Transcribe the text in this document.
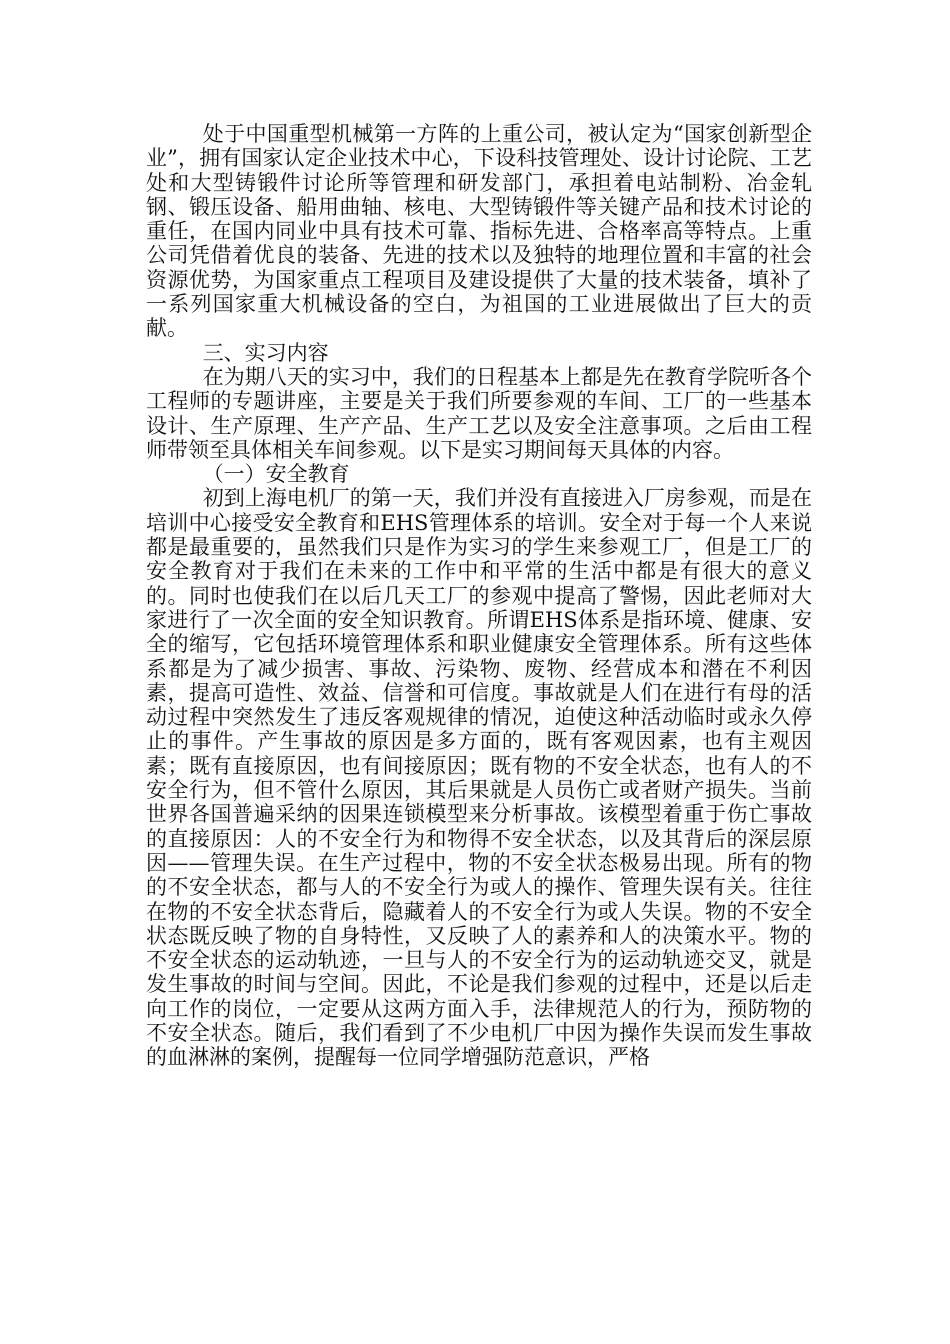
处于中国重型机械第一方阵的上重公司，被认定为“国家创新型企业”，拥有国家认定企业技术中心，下设科技管理处、设计讨论院、工艺处和大型铸锻件讨论所等管理和研发部门，承担着电站制粉、冶金轧钢、锻压设备、船用曲轴、核电、大型铸锻件等关键产品和技术讨论的重任，在国内同业中具有技术可靠、指标先进、合格率高等特点。上重公司凭借着优良的装备、先进的技术以及独特的地理位置和丰富的社会资源优势，为国家重点工程项目及建设提供了大量的技术装备，填补了一系列国家重大机械设备的空白，为祖国的工业进展做出了巨大的贡献。

三、实习内容

在为期八天的实习中，我们的日程基本上都是先在教育学院听各个工程师的专题讲座，主要是关于我们所要参观的车间、工厂的一些基本设计、生产原理、生产产品、生产工艺以及安全注意事项。之后由工程师带领至具体相关车间参观。以下是实习期间每天具体的内容。

（一）安全教育

初到上海电机厂的第一天，我们并没有直接进入厂房参观，而是在培训中心接受安全教育和EHS管理体系的培训。安全对于每一个人来说都是最重要的，虽然我们只是作为实习的学生来参观工厂，但是工厂的安全教育对于我们在未来的工作中和平常的生活中都是有很大的意义的。同时也使我们在以后几天工厂的参观中提高了警惕，因此老师对大家进行了一次全面的安全知识教育。所谓EHS体系是指环境、健康、安全的缩写，它包括环境管理体系和职业健康安全管理体系。所有这些体系都是为了减少损害、事故、污染物、废物、经营成本和潜在不利因素，提高可造性、效益、信誉和可信度。事故就是人们在进行有母的活动过程中突然发生了违反客观规律的情况，迫使这种活动临时或永久停止的事件。产生事故的原因是多方面的，既有客观因素，也有主观因素；既有直接原因，也有间接原因；既有物的不安全状态，也有人的不安全行为，但不管什么原因，其后果就是人员伤亡或者财产损失。当前世界各国普遍采纳的因果连锁模型来分析事故。该模型着重于伤亡事故的直接原因：人的不安全行为和物得不安全状态，以及其背后的深层原因——管理失误。在生产过程中，物的不安全状态极易出现。所有的物的不安全状态，都与人的不安全行为或人的操作、管理失误有关。往往在物的不安全状态背后，隐藏着人的不安全行为或人失误。物的不安全状态既反映了物的自身特性，又反映了人的素养和人的决策水平。物的不安全状态的运动轨迹，一旦与人的不安全行为的运动轨迹交叉，就是发生事故的时间与空间。因此，不论是我们参观的过程中，还是以后走向工作的岗位，一定要从这两方面入手，法律规范人的行为，预防物的不安全状态。随后，我们看到了不少电机厂中因为操作失误而发生事故的血淋淋的案例，提醒每一位同学增强防范意识，严格
